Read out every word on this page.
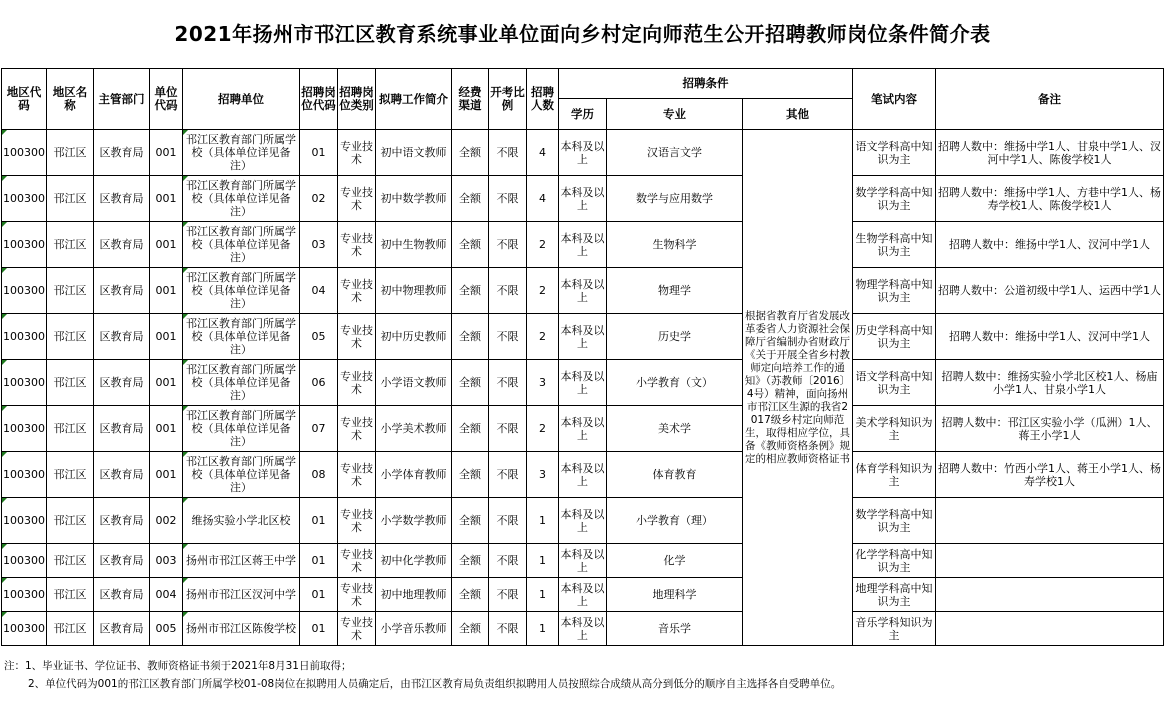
2021年扬州市邗江区教育系统事业单位面向乡村定向师范生公开招聘教师岗位条件简介表
地区代码	地区名称	主管部门	单位代码	招聘单位	招聘岗位代码	招聘岗位类别	拟聘工作简介	经费渠道	开考比例	招聘人数	招聘条件			笔试内容	备注
											学历	专业	其他		
100300	邗江区	区教育局	001	邗江区教育部门所属学校（具体单位详见备注）	01	专业技术	初中语文教师	全额	不限	4	本科及以上	汉语言文学	根据省教育厅省发展改革委省人力资源社会保障厅省编制办省财政厅《关于开展全省乡村教师定向培养工作的通知》（苏教师〔2016〕4号）精神，面向扬州市邗江区生源的我省2017级乡村定向师范生，取得相应学位，具备《教师资格条例》规定的相应教师资格证书	语文学科高中知识为主	招聘人数中：维扬中学1人、甘泉中学1人、汊河中学1人、陈俊学校1人
100300	邗江区	区教育局	001	邗江区教育部门所属学校（具体单位详见备注）	02	专业技术	初中数学教师	全额	不限	4	本科及以上	数学与应用数学		数学学科高中知识为主	招聘人数中：维扬中学1人、方巷中学1人、杨寿学校1人、陈俊学校1人
100300	邗江区	区教育局	001	邗江区教育部门所属学校（具体单位详见备注）	03	专业技术	初中生物教师	全额	不限	2	本科及以上	生物科学		生物学科高中知识为主	招聘人数中：维扬中学1人、汊河中学1人
100300	邗江区	区教育局	001	邗江区教育部门所属学校（具体单位详见备注）	04	专业技术	初中物理教师	全额	不限	2	本科及以上	物理学		物理学科高中知识为主	招聘人数中：公道初级中学1人、运西中学1人
100300	邗江区	区教育局	001	邗江区教育部门所属学校（具体单位详见备注）	05	专业技术	初中历史教师	全额	不限	2	本科及以上	历史学		历史学科高中知识为主	招聘人数中：维扬中学1人、汊河中学1人
100300	邗江区	区教育局	001	邗江区教育部门所属学校（具体单位详见备注）	06	专业技术	小学语文教师	全额	不限	3	本科及以上	小学教育（文）		语文学科高中知识为主	招聘人数中：维扬实验小学北区校1人、杨庙小学1人、甘泉小学1人
100300	邗江区	区教育局	001	邗江区教育部门所属学校（具体单位详见备注）	07	专业技术	小学美术教师	全额	不限	2	本科及以上	美术学		美术学科知识为主	招聘人数中：邗江区实验小学（瓜洲）1人、蒋王小学1人
100300	邗江区	区教育局	001	邗江区教育部门所属学校（具体单位详见备注）	08	专业技术	小学体育教师	全额	不限	3	本科及以上	体育教育		体育学科知识为主	招聘人数中：竹西小学1人、蒋王小学1人、杨寿学校1人
100300	邗江区	区教育局	002	维扬实验小学北区校	01	专业技术	小学数学教师	全额	不限	1	本科及以上	小学教育（理）		数学学科高中知识为主	
100300	邗江区	区教育局	003	扬州市邗江区蒋王中学	01	专业技术	初中化学教师	全额	不限	1	本科及以上	化学		化学学科高中知识为主	
100300	邗江区	区教育局	004	扬州市邗江区汊河中学	01	专业技术	初中地理教师	全额	不限	1	本科及以上	地理科学		地理学科高中知识为主	
100300	邗江区	区教育局	005	扬州市邗江区陈俊学校	01	专业技术	小学音乐教师	全额	不限	1	本科及以上	音乐学		音乐学科知识为主	
注：1、毕业证书、学位证书、教师资格证书须于2021年8月31日前取得；
2、单位代码为001的邗江区教育部门所属学校01-08岗位在拟聘用人员确定后，由邗江区教育局负责组织拟聘用人员按照综合成绩从高分到低分的顺序自主选择各自受聘单位。
